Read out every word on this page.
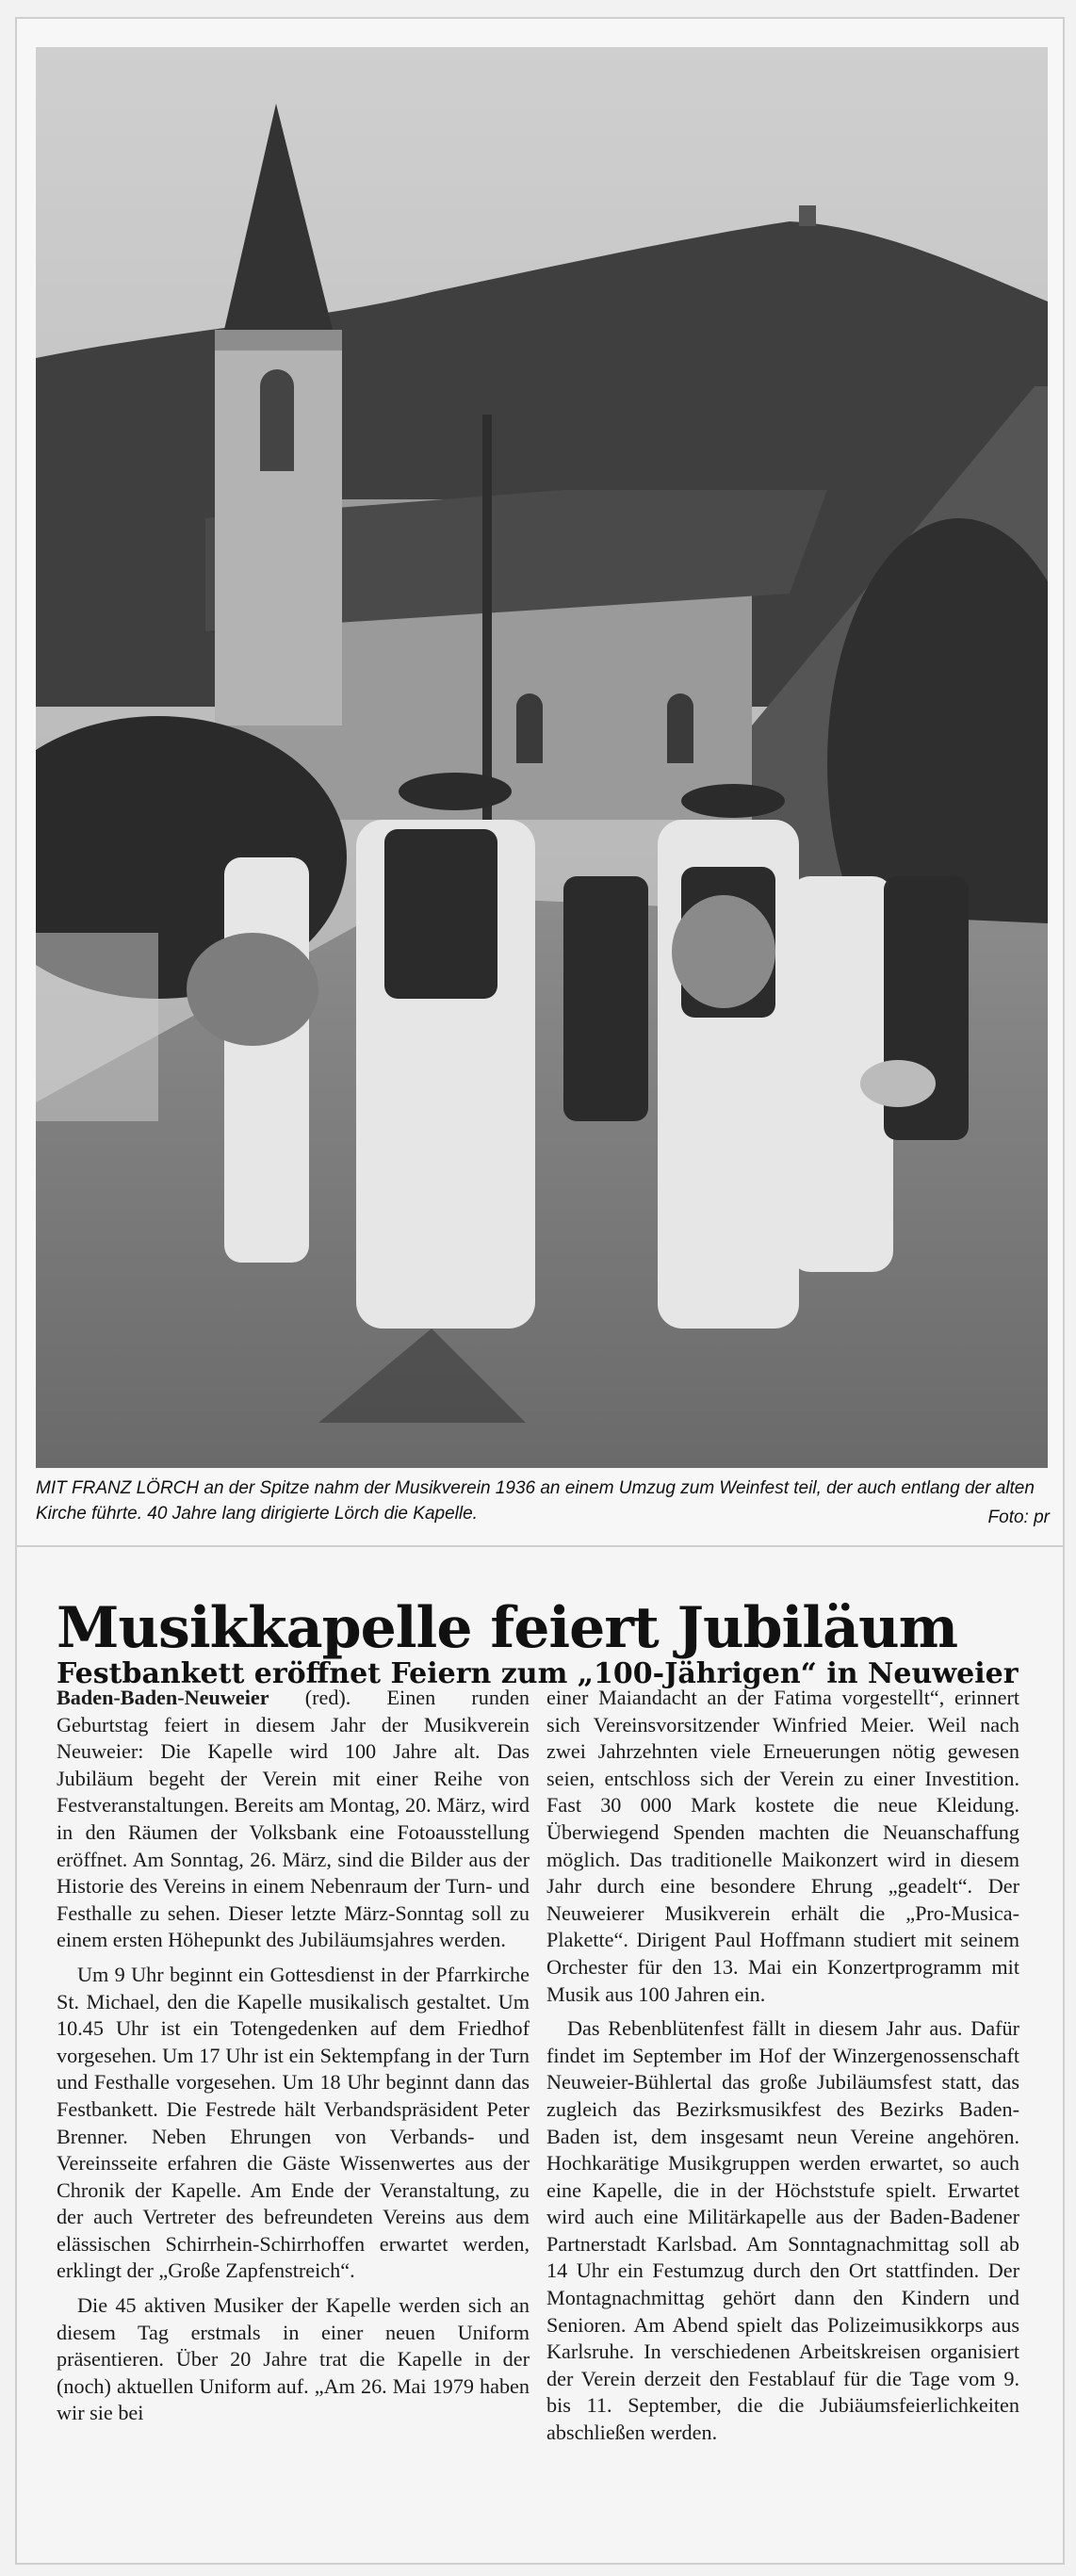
MIT FRANZ LÖRCH an der Spitze nahm der Musikverein 1936 an einem Umzug zum Weinfest teil, der auch entlang der alten Kirche führte. 40 Jahre lang dirigierte Lörch die Kapelle.	Foto: pr
Musikkapelle feiert Jubiläum
Festbankett eröffnet Feiern zum „100-Jährigen“ in Neuweier

Baden-Baden-Neuweier (red). Einen runden Geburtstag feiert in diesem Jahr der Musikverein Neuweier: Die Kapelle wird 100 Jahre alt. Das Jubiläum begeht der Verein mit einer Reihe von Festveranstaltungen. Bereits am Montag, 20. März, wird in den Räumen der Volksbank eine Fotoausstellung eröffnet. Am Sonntag, 26. März, sind die Bilder aus der Historie des Vereins in einem Nebenraum der Turn- und Festhalle zu sehen. Dieser letzte März-Sonntag soll zu einem ersten Höhepunkt des Jubiläumsjahres werden.

Um 9 Uhr beginnt ein Gottesdienst in der Pfarrkirche St. Michael, den die Kapelle musikalisch gestaltet. Um 10.45 Uhr ist ein Totengedenken auf dem Friedhof vorgesehen. Um 17 Uhr ist ein Sektempfang in der Turn und Festhalle vorgesehen. Um 18 Uhr beginnt dann das Festbankett. Die Festrede hält Verbandspräsident Peter Brenner. Neben Ehrungen von Verbands- und Vereinsseite erfahren die Gäste Wissenwertes aus der Chronik der Kapelle. Am Ende der Veranstaltung, zu der auch Vertreter des befreundeten Vereins aus dem elässischen Schirrhein-Schirrhoffen erwartet werden, erklingt der „Große Zapfenstreich“.

Die 45 aktiven Musiker der Kapelle werden sich an diesem Tag erstmals in einer neuen Uniform präsentieren. Über 20 Jahre trat die Kapelle in der (noch) aktuellen Uniform auf. „Am 26. Mai 1979 haben wir sie bei

einer Maiandacht an der Fatima vorgestellt“, erinnert sich Vereinsvorsitzender Winfried Meier. Weil nach zwei Jahrzehnten viele Erneuerungen nötig gewesen seien, entschloss sich der Verein zu einer Investition. Fast 30 000 Mark kostete die neue Kleidung. Überwiegend Spenden machten die Neuanschaffung möglich. Das traditionelle Maikonzert wird in diesem Jahr durch eine besondere Ehrung „geadelt“. Der Neuweierer Musikverein erhält die „Pro-Musica-Plakette“. Dirigent Paul Hoffmann studiert mit seinem Orchester für den 13. Mai ein Konzertprogramm mit Musik aus 100 Jahren ein.

Das Rebenblütenfest fällt in diesem Jahr aus. Dafür findet im September im Hof der Winzergenossenschaft Neuweier-Bühlertal das große Jubiläumsfest statt, das zugleich das Bezirksmusikfest des Bezirks Baden-Baden ist, dem insgesamt neun Vereine angehören. Hochkarätige Musikgruppen werden erwartet, so auch eine Kapelle, die in der Höchststufe spielt. Erwartet wird auch eine Militärkapelle aus der Baden-Badener Partnerstadt Karlsbad. Am Sonntagnachmittag soll ab 14 Uhr ein Festumzug durch den Ort stattfinden. Der Montagnachmittag gehört dann den Kindern und Senioren. Am Abend spielt das Polizeimusikkorps aus Karlsruhe. In verschiedenen Arbeitskreisen organisiert der Verein derzeit den Festablauf für die Tage vom 9. bis 11. September, die die Jubiäumsfeierlichkeiten abschließen werden.
